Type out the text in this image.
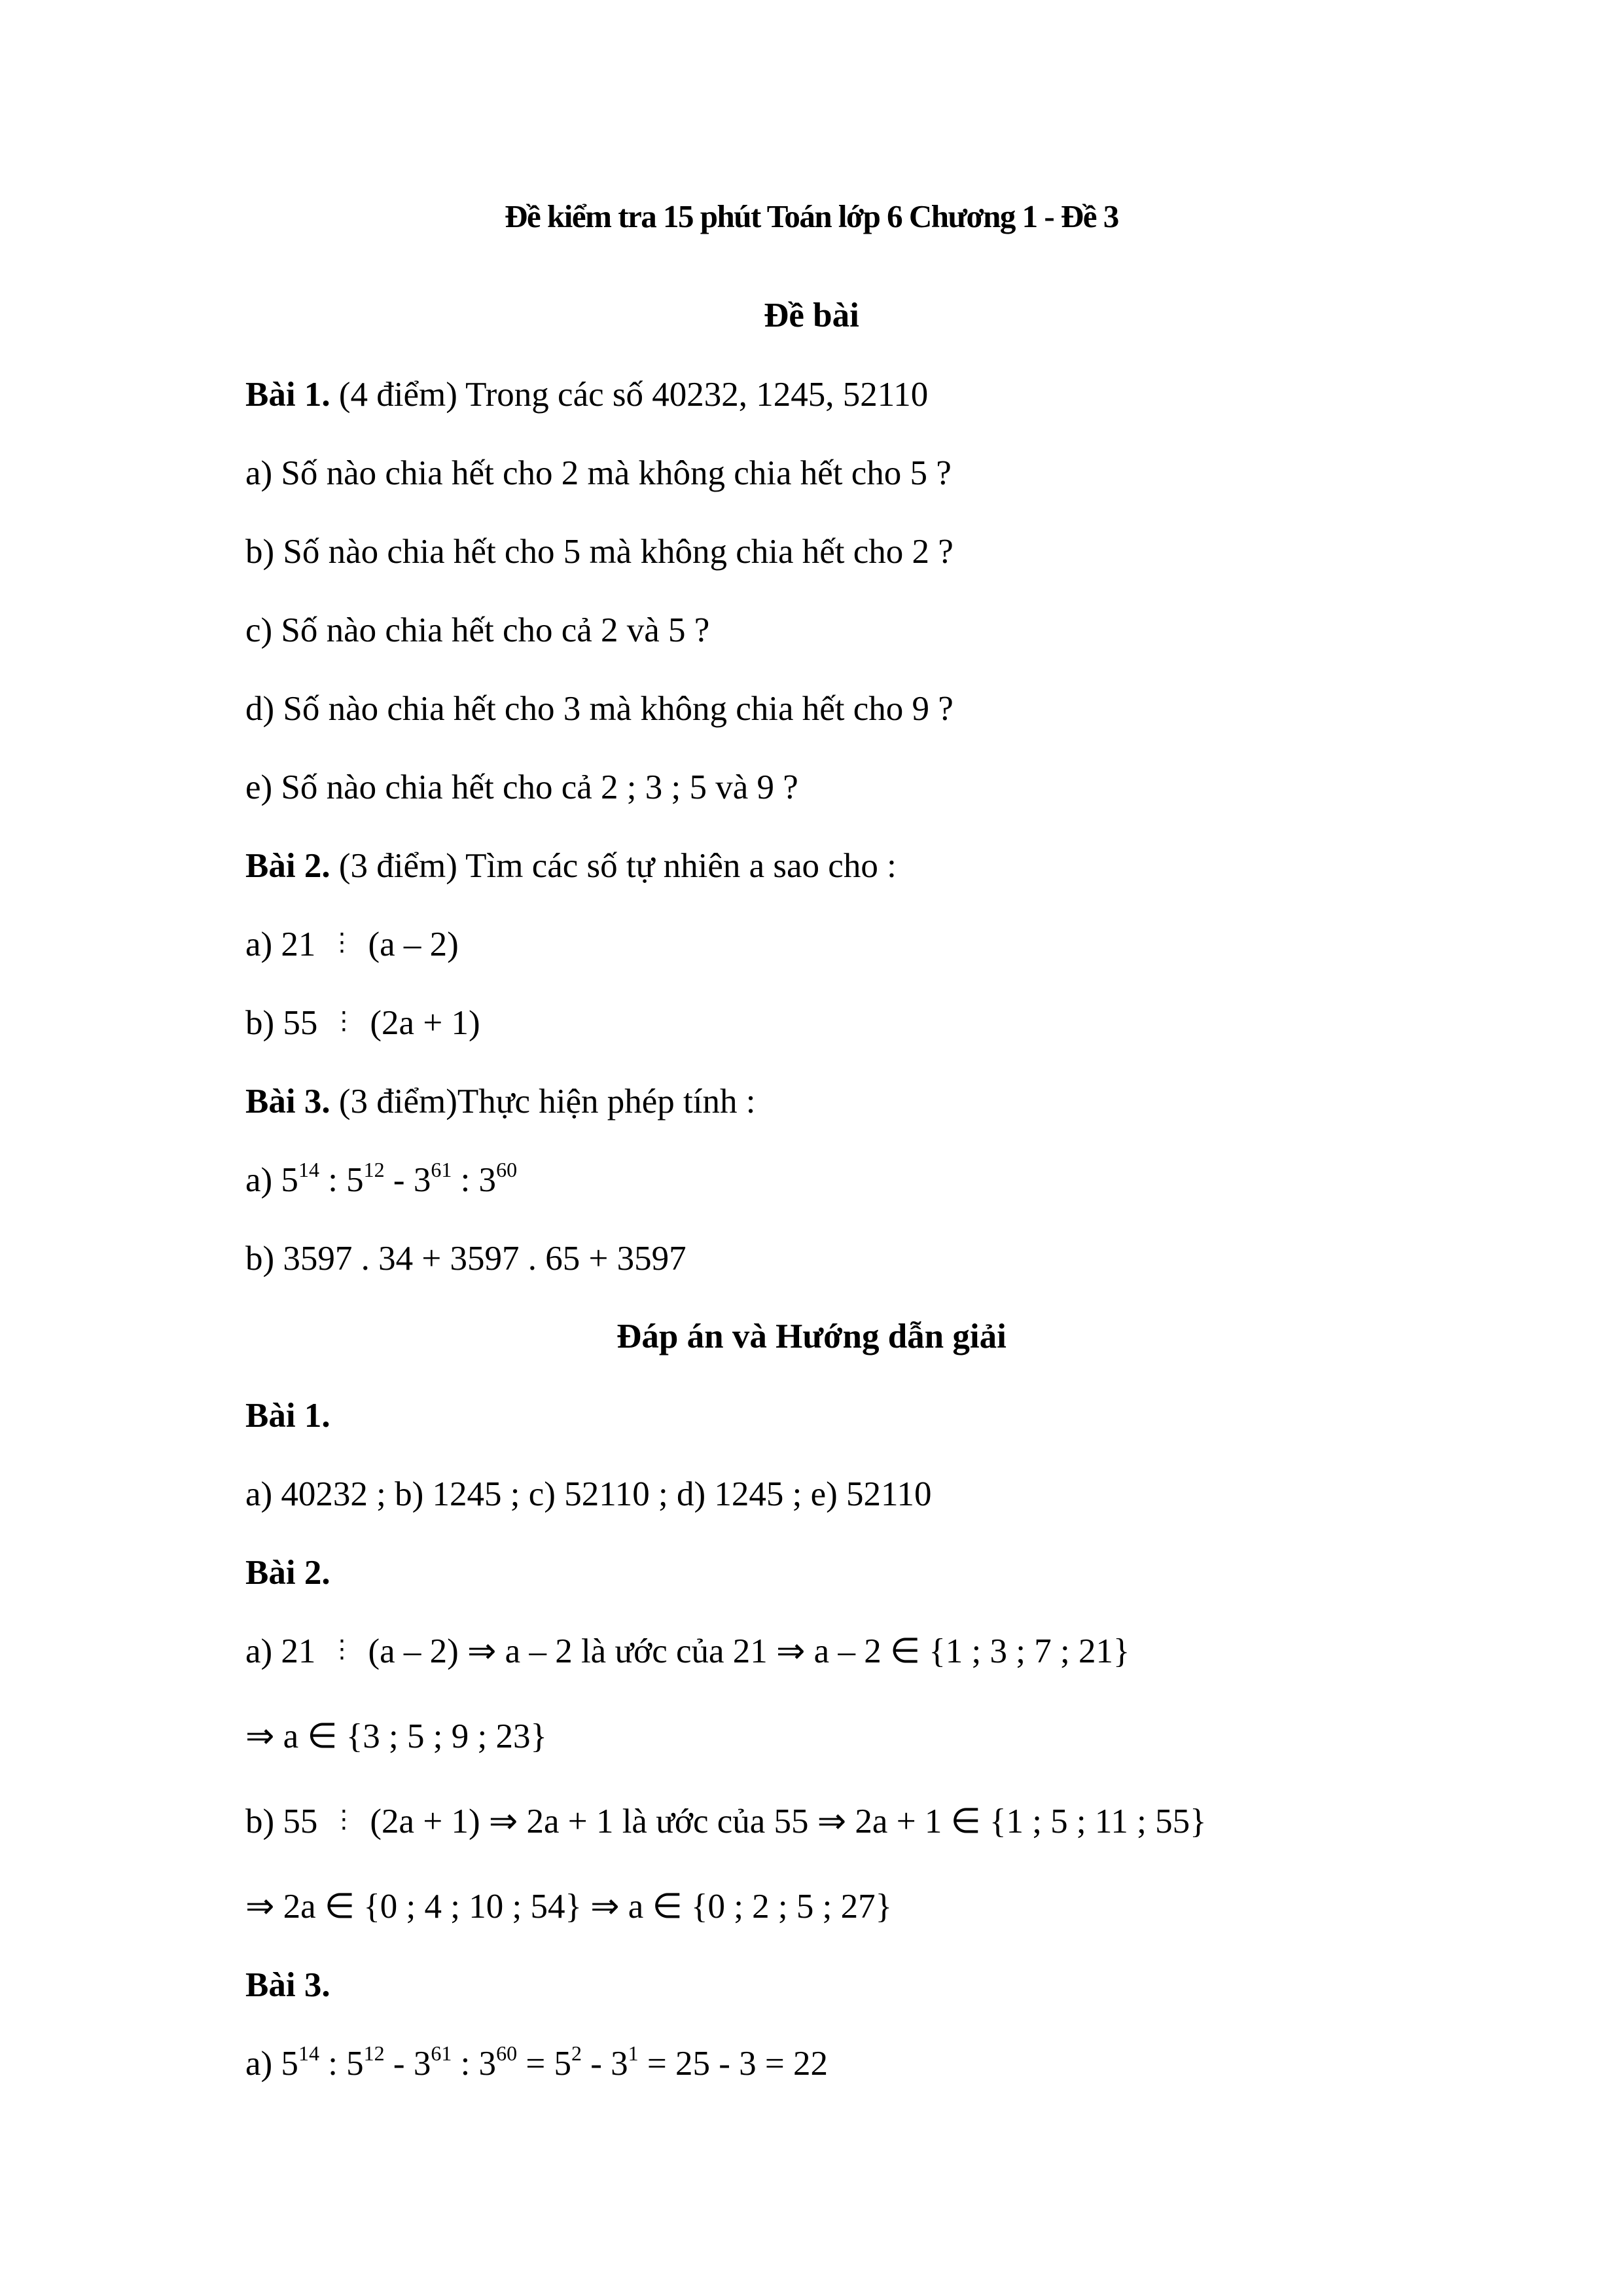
Đề kiểm tra 15 phút Toán lớp 6 Chương 1 - Đề 3
Đề bài
Bài 1. (4 điểm) Trong các số 40232, 1245, 52110
a) Số nào chia hết cho 2 mà không chia hết cho 5 ?
b) Số nào chia hết cho 5 mà không chia hết cho 2 ?
c) Số nào chia hết cho cả 2 và 5 ?
d) Số nào chia hết cho 3 mà không chia hết cho 9 ?
e) Số nào chia hết cho cả 2 ; 3 ; 5 và 9 ?
Bài 2. (3 điểm) Tìm các số tự nhiên a sao cho :
a) 21 ⋮ (a – 2)
b) 55 ⋮ (2a + 1)
Bài 3. (3 điểm)Thực hiện phép tính :
a) $5^{14}$ : $5^{12} - 3^{61}$ : $3^{60}$
b) 3597 . 34 + 3597 . 65 + 3597
Đáp án và Hướng dẫn giải
Bài 1.
a) 40232 ; b) 1245 ; c) 52110 ; d) 1245 ; e) 52110
Bài 2.
a) 21 ⋮ (a – 2) ⇒ a – 2 là ước của 21 ⇒ a – 2 ∈ {1 ; 3 ; 7 ; 21}
⇒ a ∈ {3 ; 5 ; 9 ; 23}
b) 55 ⋮ (2a + 1) ⇒ 2a + 1 là ước của 55 ⇒ 2a + 1 ∈ {1 ; 5 ; 11 ; 55}
⇒ 2a ∈ {0 ; 4 ; 10 ; 54} ⇒ a ∈ {0 ; 2 ; 5 ; 27}
Bài 3.
a) $5^{14}$ : $5^{12} - 3^{61}$ : $3^{60} = 5^2 - 3^1 = 25 - 3 = 22$
